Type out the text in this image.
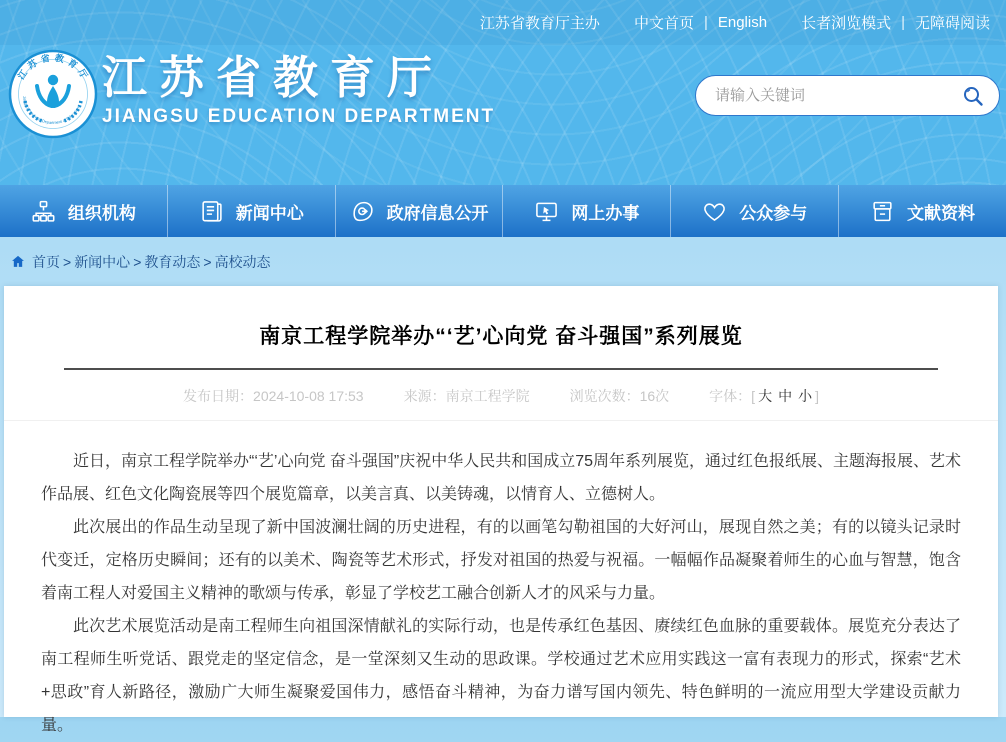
江苏省教育厅主办 中文首页 | English 长者浏览模式 | 无障碍阅读
江苏省教育厅
Jiangsu Provincial Department of Education
江苏省教育厅
JIANGSU EDUCATION DEPARTMENT
请输入关键词
组织机构	新闻中心	政府信息公开	网上办事	公众参与	文献资料
首页 > 新闻中心 > 教育动态 > 高校动态
南京工程学院举办“‘艺’心向党 奋斗强国”系列展览
发布日期：2024-10-08 17:53	来源：南京工程学院	浏览次数：16次	字体：[ 大 中 小 ]

近日，南京工程学院举办“‘艺’心向党 奋斗强国”庆祝中华人民共和国成立75周年系列展览，通过红色报纸展、主题海报展、艺术作品展、红色文化陶瓷展等四个展览篇章，以美言真、以美铸魂，以情育人、立德树人。

此次展出的作品生动呈现了新中国波澜壮阔的历史进程，有的以画笔勾勒祖国的大好河山，展现自然之美；有的以镜头记录时代变迁，定格历史瞬间；还有的以美术、陶瓷等艺术形式，抒发对祖国的热爱与祝福。一幅幅作品凝聚着师生的心血与智慧，饱含着南工程人对爱国主义精神的歌颂与传承，彰显了学校艺工融合创新人才的风采与力量。

此次艺术展览活动是南工程师生向祖国深情献礼的实际行动，也是传承红色基因、赓续红色血脉的重要载体。展览充分表达了南工程师生听党话、跟党走的坚定信念，是一堂深刻又生动的思政课。学校通过艺术应用实践这一富有表现力的形式，探索“艺术+思政”育人新路径，激励广大师生凝聚爱国伟力，感悟奋斗精神，为奋力谱写国内领先、特色鲜明的一流应用型大学建设贡献力量。
